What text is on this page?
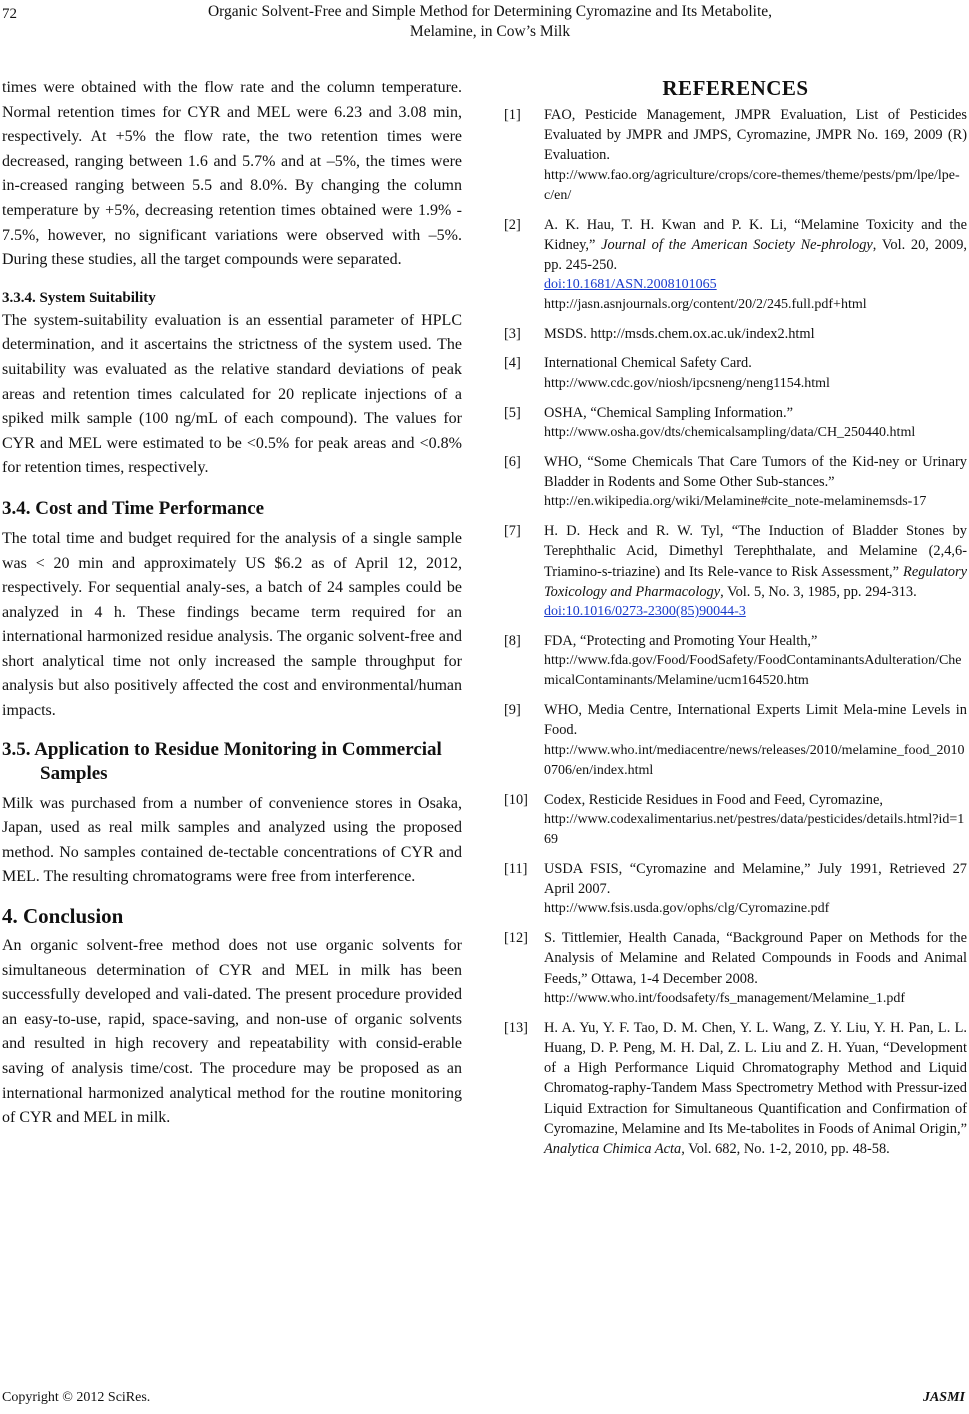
72	Organic Solvent-Free and Simple Method for Determining Cyromazine and Its Metabolite,
Melamine, in Cow’s Milk

times were obtained with the flow rate and the column temperature. Normal retention times for CYR and MEL were 6.23 and 3.08 min, respectively. At +5% the flow rate, the two retention times were decreased, ranging between 1.6 and 5.7% and at –5%, the times were in-creased ranging between 5.5 and 8.0%. By changing the column temperature by +5%, decreasing retention times obtained were 1.9% - 7.5%, however, no significant variations were observed with –5%. During these studies, all the target compounds were separated.

3.3.4. System Suitability

The system-suitability evaluation is an essential parameter of HPLC determination, and it ascertains the strictness of the system used. The suitability was evaluated as the relative standard deviations of peak areas and retention times calculated for 20 replicate injections of a spiked milk sample (100 ng/mL of each compound). The values for CYR and MEL were estimated to be <0.5% for peak areas and <0.8% for retention times, respectively.

3.4. Cost and Time Performance

The total time and budget required for the analysis of a single sample was < 20 min and approximately US $6.2 as of April 12, 2012, respectively. For sequential analy-ses, a batch of 24 samples could be analyzed in 4 h. These findings became term required for an international harmonized residue analysis. The organic solvent-free and short analytical time not only increased the sample throughput for analysis but also positively affected the cost and environmental/human impacts.

3.5. Application to Residue Monitoring in Commercial Samples

Milk was purchased from a number of convenience stores in Osaka, Japan, used as real milk samples and analyzed using the proposed method. No samples contained de-tectable concentrations of CYR and MEL. The resulting chromatograms were free from interference.

4. Conclusion

An organic solvent-free method does not use organic solvents for simultaneous determination of CYR and MEL in milk has been successfully developed and vali-dated. The present procedure provided an easy-to-use, rapid, space-saving, and non-use of organic solvents and resulted in high recovery and repeatability with consid-erable saving of analysis time/cost. The procedure may be proposed as an international harmonized analytical method for the routine monitoring of CYR and MEL in milk.

REFERENCES
[1] FAO, Pesticide Management, JMPR Evaluation, List of Pesticides Evaluated by JMPR and JMPS, Cyromazine, JMPR No. 169, 2009 (R) Evaluation.
http://www.fao.org/agriculture/crops/core-themes/theme/pests/pm/lpe/lpe-c/en/
[2] A. K. Hau, T. H. Kwan and P. K. Li, “Melamine Toxicity and the Kidney,” Journal of the American Society Ne-phrology, Vol. 20, 2009, pp. 245-250.
doi:10.1681/ASN.2008101065
http://jasn.asnjournals.org/content/20/2/245.full.pdf+html
[3] MSDS. http://msds.chem.ox.ac.uk/index2.html
[4] International Chemical Safety Card.
http://www.cdc.gov/niosh/ipcsneng/neng1154.html
[5] OSHA, “Chemical Sampling Information.”
http://www.osha.gov/dts/chemicalsampling/data/CH_250440.html
[6] WHO, “Some Chemicals That Care Tumors of the Kid-ney or Urinary Bladder in Rodents and Some Other Sub-stances.”
http://en.wikipedia.org/wiki/Melamine#cite_note-melaminemsds-17
[7] H. D. Heck and R. W. Tyl, “The Induction of Bladder Stones by Terephthalic Acid, Dimethyl Terephthalate, and Melamine (2,4,6-Triamino-s-triazine) and Its Rele-vance to Risk Assessment,” Regulatory Toxicology and Pharmacology, Vol. 5, No. 3, 1985, pp. 294-313.
doi:10.1016/0273-2300(85)90044-3
[8] FDA, “Protecting and Promoting Your Health,”
http://www.fda.gov/Food/FoodSafety/FoodContaminantsAdulteration/ChemicalContaminants/Melamine/ucm164520.htm
[9] WHO, Media Centre, International Experts Limit Mela-mine Levels in Food.
http://www.who.int/mediacentre/news/releases/2010/melamine_food_20100706/en/index.html
[10] Codex, Resticide Residues in Food and Feed, Cyromazine,
http://www.codexalimentarius.net/pestres/data/pesticides/details.html?id=169
[11] USDA FSIS, “Cyromazine and Melamine,” July 1991, Retrieved 27 April 2007.
http://www.fsis.usda.gov/ophs/clg/Cyromazine.pdf
[12] S. Tittlemier, Health Canada, “Background Paper on Methods for the Analysis of Melamine and Related Compounds in Foods and Animal Feeds,” Ottawa, 1-4 December 2008.
http://www.who.int/foodsafety/fs_management/Melamine_1.pdf
[13] H. A. Yu, Y. F. Tao, D. M. Chen, Y. L. Wang, Z. Y. Liu, Y. H. Pan, L. L. Huang, D. P. Peng, M. H. Dal, Z. L. Liu and Z. H. Yuan, “Development of a High Performance Liquid Chromatography Method and Liquid Chromatog-raphy-Tandem Mass Spectrometry Method with Pressur-ized Liquid Extraction for Simultaneous Quantification and Confirmation of Cyromazine, Melamine and Its Me-tabolites in Foods of Animal Origin,” Analytica Chimica Acta, Vol. 682, No. 1-2, 2010, pp. 48-58.
Copyright © 2012 SciRes.	JASMI
